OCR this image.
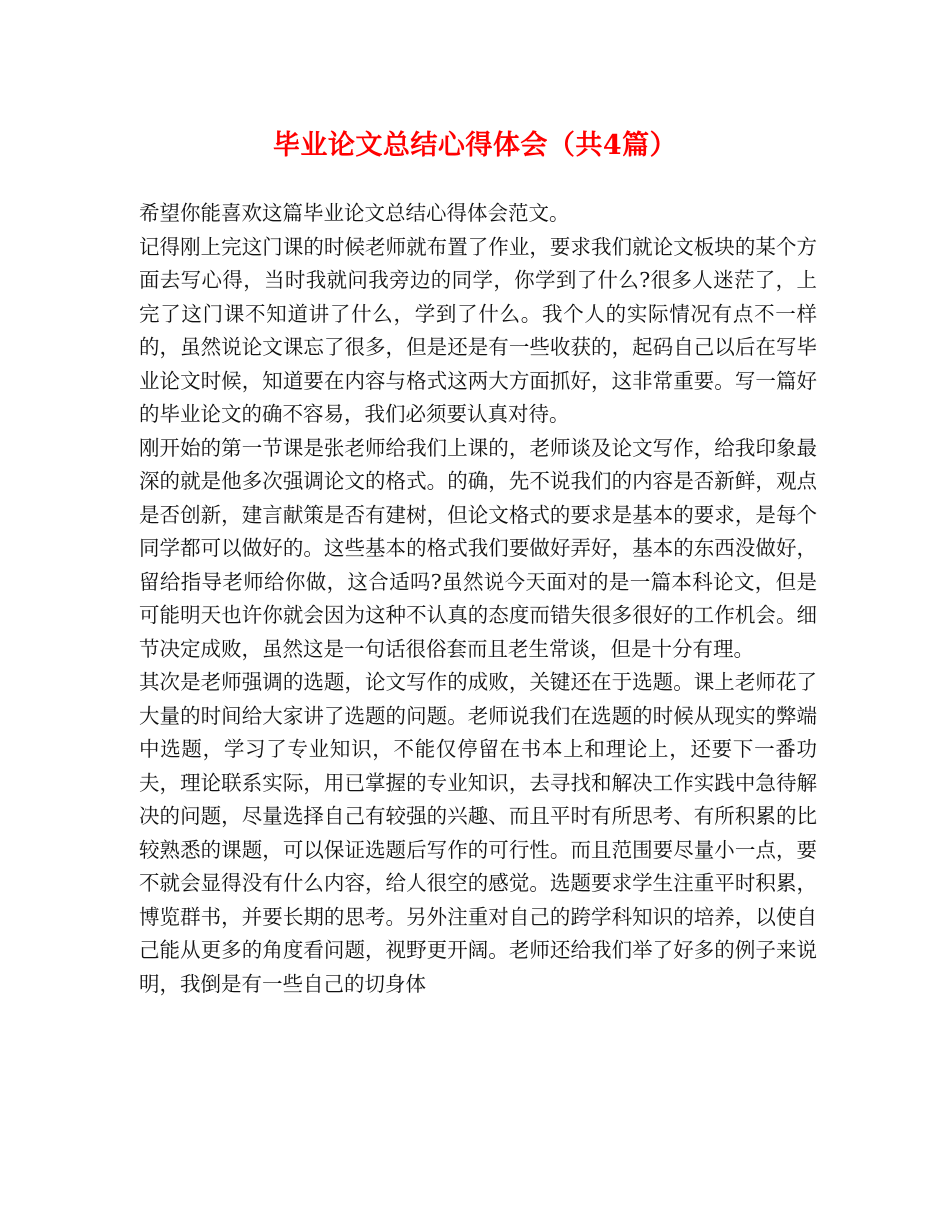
毕业论文总结心得体会（共4篇）

希望你能喜欢这篇毕业论文总结心得体会范文。

记得刚上完这门课的时候老师就布置了作业，要求我们就论文板块的某个方面去写心得，当时我就问我旁边的同学，你学到了什么?很多人迷茫了，上完了这门课不知道讲了什么，学到了什么。我个人的实际情况有点不一样的，虽然说论文课忘了很多，但是还是有一些收获的，起码自己以后在写毕业论文时候，知道要在内容与格式这两大方面抓好，这非常重要。写一篇好的毕业论文的确不容易，我们必须要认真对待。

刚开始的第一节课是张老师给我们上课的，老师谈及论文写作，给我印象最深的就是他多次强调论文的格式。的确，先不说我们的内容是否新鲜，观点是否创新，建言献策是否有建树，但论文格式的要求是基本的要求，是每个同学都可以做好的。这些基本的格式我们要做好弄好，基本的东西没做好，留给指导老师给你做，这合适吗?虽然说今天面对的是一篇本科论文，但是可能明天也许你就会因为这种不认真的态度而错失很多很好的工作机会。细节决定成败，虽然这是一句话很俗套而且老生常谈，但是十分有理。

其次是老师强调的选题，论文写作的成败，关键还在于选题。课上老师花了大量的时间给大家讲了选题的问题。老师说我们在选题的时候从现实的弊端中选题，学习了专业知识，不能仅停留在书本上和理论上，还要下一番功夫，理论联系实际，用已掌握的专业知识，去寻找和解决工作实践中急待解决的问题，尽量选择自己有较强的兴趣、而且平时有所思考、有所积累的比较熟悉的课题，可以保证选题后写作的可行性。而且范围要尽量小一点，要不就会显得没有什么内容，给人很空的感觉。选题要求学生注重平时积累，博览群书，并要长期的思考。另外注重对自己的跨学科知识的培养，以使自己能从更多的角度看问题，视野更开阔。老师还给我们举了好多的例子来说明，我倒是有一些自己的切身体
